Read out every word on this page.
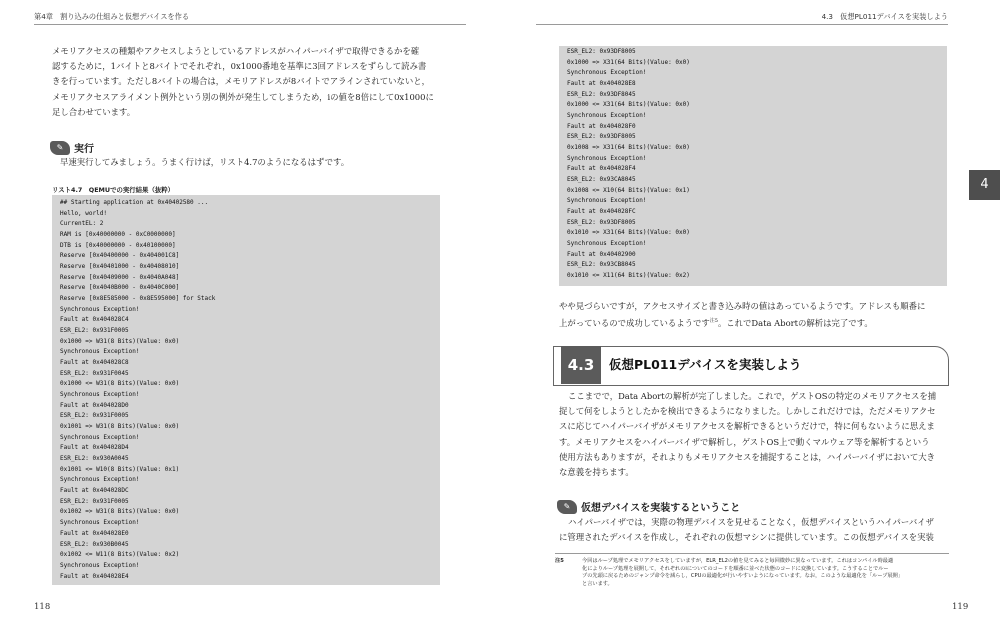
第4章　割り込みの仕組みと仮想デバイスを作る
メモリアクセスの種類やアクセスしようとしているアドレスがハイパーバイザで取得できるかを確
認するために，1バイトと8バイトでそれぞれ，0x1000番地を基準に3回アドレスをずらして読み書
きを行っています。ただし8バイトの場合は，メモリアドレスが8バイトでアラインされていないと，
メモリアクセスアライメント例外という別の例外が発生してしまうため，iの値を8倍にして0x1000に
足し合わせています。
✎	実行
早速実行してみましょう。うまく行けば，リスト4.7のようになるはずです。
リスト4.7　QEMUでの実行結果（抜粋）
## Starting application at 0x40402580 ...
Hello, world!
CurrentEL: 2
RAM is [0x40000000 - 0xC0000000]
DTB is [0x40000000 - 0x40100000]
Reserve [0x40400000 - 0x404001C8]
Reserve [0x40401000 - 0x40408010]
Reserve [0x40409000 - 0x4040A048]
Reserve [0x4040B000 - 0x4040C000]
Reserve [0x8E585000 - 0x8E595000] for Stack
Synchronous Exception!
Fault at 0x404028C4
ESR_EL2: 0x931F0005
0x1000 => W31(8 Bits)(Value: 0x0)
Synchronous Exception!
Fault at 0x404028C8
ESR_EL2: 0x931F0045
0x1000 <= W31(8 Bits)(Value: 0x0)
Synchronous Exception!
Fault at 0x404028D0
ESR_EL2: 0x931F0005
0x1001 => W31(8 Bits)(Value: 0x0)
Synchronous Exception!
Fault at 0x404028D4
ESR_EL2: 0x930A0045
0x1001 <= W10(8 Bits)(Value: 0x1)
Synchronous Exception!
Fault at 0x404028DC
ESR_EL2: 0x931F0005
0x1002 => W31(8 Bits)(Value: 0x0)
Synchronous Exception!
Fault at 0x404028E0
ESR_EL2: 0x930B0045
0x1002 <= W11(8 Bits)(Value: 0x2)
Synchronous Exception!
Fault at 0x404028E4
118
4.3　仮想PL011デバイスを実装しよう
ESR_EL2: 0x93DF8005
0x1000 => X31(64 Bits)(Value: 0x0)
Synchronous Exception!
Fault at 0x404028E8
ESR_EL2: 0x93DF8045
0x1000 <= X31(64 Bits)(Value: 0x0)
Synchronous Exception!
Fault at 0x404028F0
ESR_EL2: 0x93DF8005
0x1008 => X31(64 Bits)(Value: 0x0)
Synchronous Exception!
Fault at 0x404028F4
ESR_EL2: 0x93CA8045
0x1008 <= X10(64 Bits)(Value: 0x1)
Synchronous Exception!
Fault at 0x404028FC
ESR_EL2: 0x93DF8005
0x1010 => X31(64 Bits)(Value: 0x0)
Synchronous Exception!
Fault at 0x40402900
ESR_EL2: 0x93CB8045
0x1010 <= X11(64 Bits)(Value: 0x2)
やや見づらいですが，アクセスサイズと書き込み時の値はあっているようです。アドレスも順番に
上がっているので成功しているようです$^{注5}$。これでData Abortの解析は完了です。
4.3	仮想PL011デバイスを実装しよう
ここまでで，Data Abortの解析が完了しました。これで，ゲストOSの特定のメモリアクセスを捕
捉して何をしようとしたかを検出できるようになりました。しかしこれだけでは，ただメモリアクセ
スに応じてハイパーバイザがメモリアクセスを解析できるというだけで，特に何もないように思えま
す。メモリアクセスをハイパーバイザで解析し，ゲストOS上で動くマルウェア等を解析するという
使用方法もありますが，それよりもメモリアクセスを捕捉することは，ハイパーバイザにおいて大き
な意義を持ちます。
✎	仮想デバイスを実装するということ
ハイパーバイザでは，実際の物理デバイスを見せることなく，仮想デバイスというハイパーバイザ
に管理されたデバイスを作成し，それぞれの仮想マシンに提供しています。この仮想デバイスを実装
注5	今回はループ処理でメモリアクセスをしていますが，ELR_EL2の値を見てみると毎回微妙に異なっています。これはコンパイル時最適
化によりループ処理を展開して，それぞれのiについてのコードを順番に並べた状態のコードに変換しています。こうすることでルー
プの先頭に戻るためのジャンプ命令を減らし，CPUの最適化が行いやすいようになっています。なお，このような最適化を「ループ展開」
と言います。
4
119
